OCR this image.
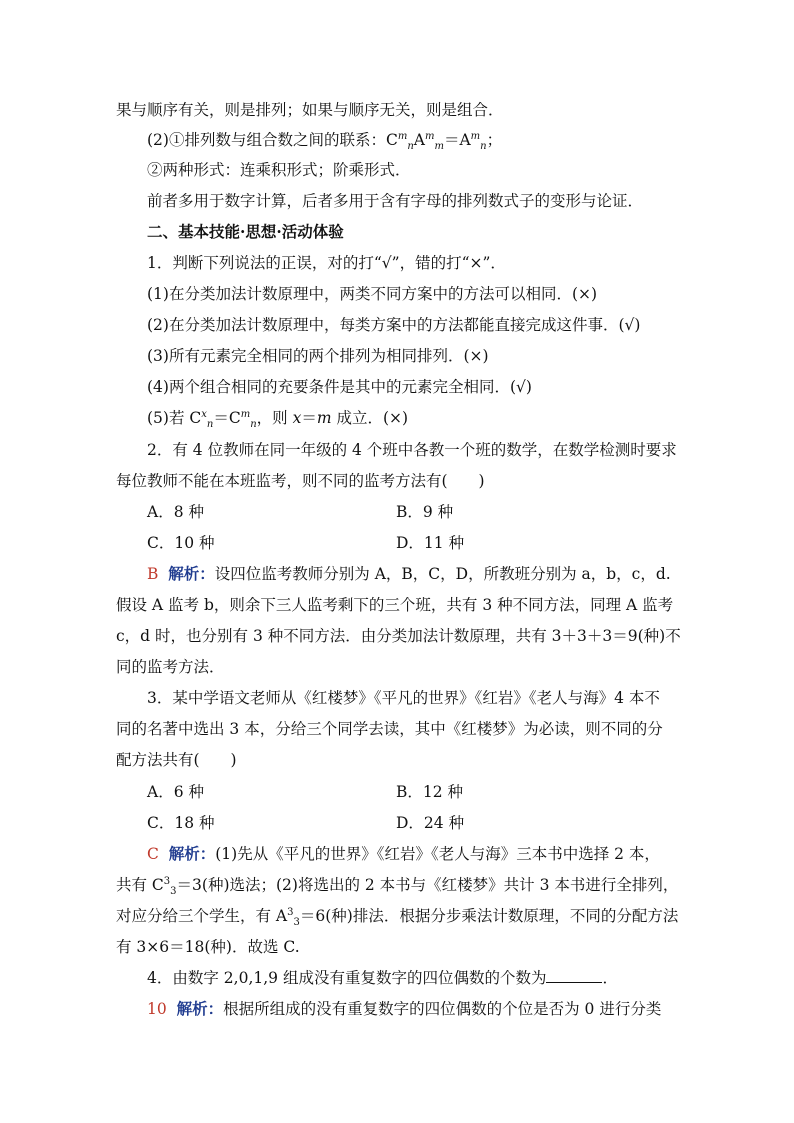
果与顺序有关，则是排列；如果与顺序无关，则是组合．
(2)①排列数与组合数之间的联系：$C^m_nA^m_m=A^m_n$；
②两种形式：连乘积形式；阶乘形式．
前者多用于数字计算，后者多用于含有字母的排列数式子的变形与论证．
二、基本技能·思想·活动体验
1．判断下列说法的正误，对的打“√”，错的打“×”．
(1)在分类加法计数原理中，两类不同方案中的方法可以相同．(×)
(2)在分类加法计数原理中，每类方案中的方法都能直接完成这件事．(√)
(3)所有元素完全相同的两个排列为相同排列．(×)
(4)两个组合相同的充要条件是其中的元素完全相同．(√)
(5)若 $C^x_n=C^m_n$，则 x＝m 成立．(×)
2．有 4 位教师在同一年级的 4 个班中各教一个班的数学，在数学检测时要求
每位教师不能在本班监考，则不同的监考方法有(　　)
A．8 种	B．9 种
C．10 种	D．11 种
B 解析：设四位监考教师分别为 A，B，C，D，所教班分别为 a，b，c，d.
假设 A 监考 b，则余下三人监考剩下的三个班，共有 3 种不同方法，同理 A 监考
c，d 时，也分别有 3 种不同方法．由分类加法计数原理，共有 3＋3＋3＝9(种)不
同的监考方法．
3．某中学语文老师从《红楼梦》《平凡的世界》《红岩》《老人与海》4 本不
同的名著中选出 3 本，分给三个同学去读，其中《红楼梦》为必读，则不同的分
配方法共有(　　)
A．6 种	B．12 种
C．18 种	D．24 种
C 解析：(1)先从《平凡的世界》《红岩》《老人与海》三本书中选择 2 本，
共有 $C^3_3=3$(种)选法；(2)将选出的 2 本书与《红楼梦》共计 3 本书进行全排列，
对应分给三个学生，有 $A^3_3=6$(种)排法．根据分步乘法计数原理，不同的分配方法
有 3×6＝18(种)．故选 C.
4．由数字 2,0,1,9 组成没有重复数字的四位偶数的个数为	．
10 解析：根据所组成的没有重复数字的四位偶数的个位是否为 0 进行分类
